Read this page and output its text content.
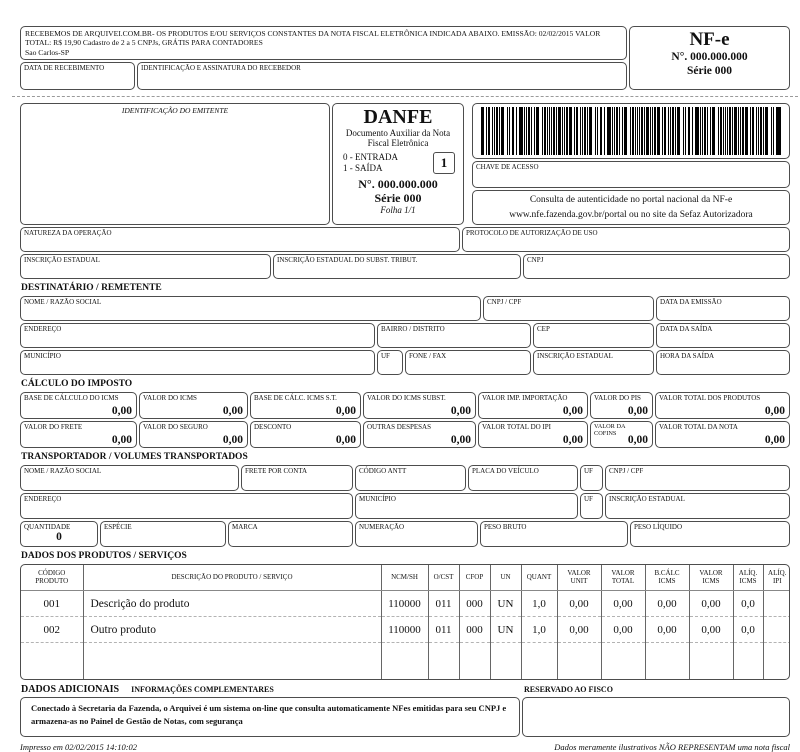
RECEBEMOS DE ARQUIVEI.COM.BR- OS PRODUTOS E/OU SERVIÇOS CONSTANTES DA NOTA FISCAL ELETRÔNICA INDICADA ABAIXO. EMISSÃO: 02/02/2015 VALOR TOTAL: R$ 19,90 Cadastro de 2 a 5 CNPJs, GRÁTIS PARA CONTADORES
Sao Carlos-SP
DATA DE RECEBIMENTO	IDENTIFICAÇÃO E ASSINATURA DO RECEBEDOR
NF-e
N°. 000.000.000
Série 000
IDENTIFICAÇÃO DO EMITENTE	DANFE
Documento Auxiliar da Nota Fiscal Eletrônica
0 - ENTRADA
1 - SAÍDA	1
N°. 000.000.000
Série 000
Folha 1/1
CHAVE DE ACESSO
Consulta de autenticidade no portal nacional da NF-e
www.nfe.fazenda.gov.br/portal ou no site da Sefaz Autorizadora
NATUREZA DA OPERAÇÃO	PROTOCOLO DE AUTORIZAÇÃO DE USO
INSCRIÇÃO ESTADUAL	INSCRIÇÃO ESTADUAL DO SUBST. TRIBUT.	CNPJ
DESTINATÁRIO / REMETENTE
NOME / RAZÃO SOCIAL	CNPJ / CPF	DATA DA EMISSÃO
ENDEREÇO	BAIRRO / DISTRITO	CEP	DATA DA SAÍDA
MUNICÍPIO	UF	FONE / FAX	INSCRIÇÃO ESTADUAL	HORA DA SAÍDA
CÁLCULO DO IMPOSTO
BASE DE CÁLCULO DO ICMS
0,00
VALOR DO ICMS
0,00
BASE DE CÁLC. ICMS S.T.
0,00
VALOR DO ICMS SUBST.
0,00
VALOR IMP. IMPORTAÇÃO
0,00
VALOR DO PIS
0,00
VALOR TOTAL DOS PRODUTOS
0,00
VALOR DO FRETE
0,00
VALOR DO SEGURO
0,00
DESCONTO
0,00
OUTRAS DESPESAS
0,00
VALOR TOTAL DO IPI
0,00
VALOR DA COFINS
0,00
VALOR TOTAL DA NOTA
0,00
TRANSPORTADOR / VOLUMES TRANSPORTADOS
NOME / RAZÃO SOCIAL	FRETE POR CONTA	CÓDIGO ANTT	PLACA DO VEÍCULO	UF	CNPJ / CPF
ENDEREÇO	MUNICÍPIO	UF	INSCRIÇÃO ESTADUAL
QUANTIDADE
0
ESPÉCIE	MARCA	NUMERAÇÃO	PESO BRUTO	PESO LÍQUIDO
DADOS DOS PRODUTOS / SERVIÇOS
CÓDIGO PRODUTO	DESCRIÇÃO DO PRODUTO / SERVIÇO	NCM/SH	O/CST	CFOP	UN	QUANT	VALOR UNIT	VALOR TOTAL	B.CÁLC ICMS	VALOR ICMS	ALÍQ. ICMS	ALÍQ. IPI
001	Descrição do produto	110000	011	000	UN	1,0	0,00	0,00	0,00	0,00	0,0	
002	Outro produto	110000	011	000	UN	1,0	0,00	0,00	0,00	0,00	0,0	

DADOS ADICIONAIS INFORMAÇÕES COMPLEMENTARES	RESERVADO AO FISCO
Conectado à Secretaria da Fazenda, o Arquivei é um sistema on-line que consulta automaticamente NFes emitidas para seu CNPJ e armazena-as no Painel de Gestão de Notas, com segurança
Impresso em 02/02/2015 14:10:02	Dados meramente ilustrativos NÃO REPRESENTAM uma nota fiscal
